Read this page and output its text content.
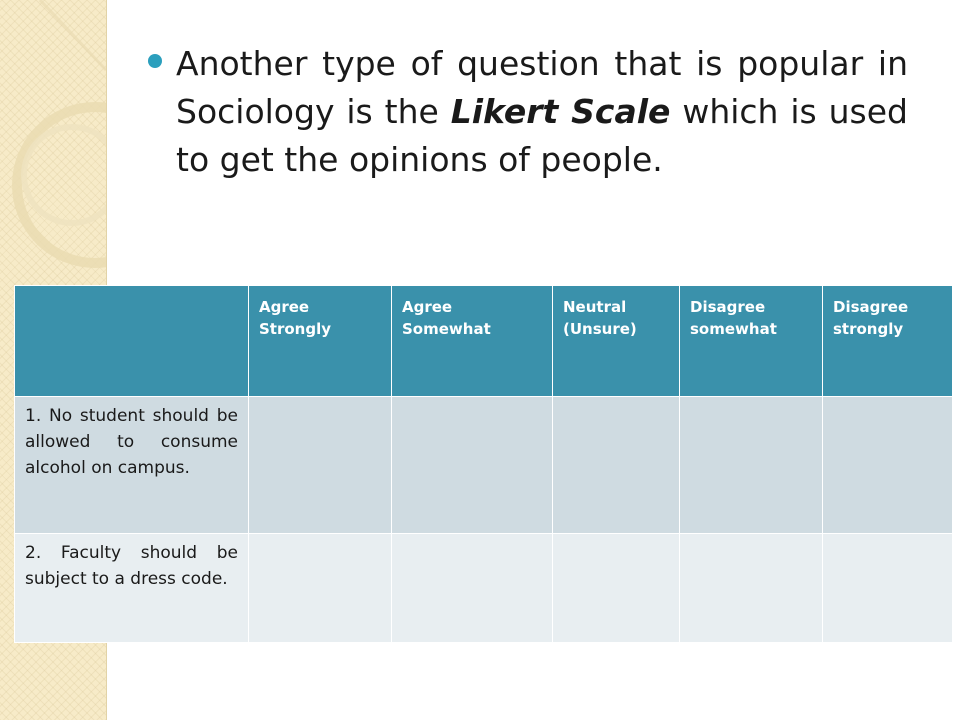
Another type of question that is popular in Sociology is the Likert Scale which is used to get the opinions of people.

	Agree Strongly	Agree Somewhat	Neutral (Unsure)	Disagree somewhat	Disagree strongly
1. No student should be allowed to consume alcohol on campus.					
2. Faculty should be subject to a dress code.					
